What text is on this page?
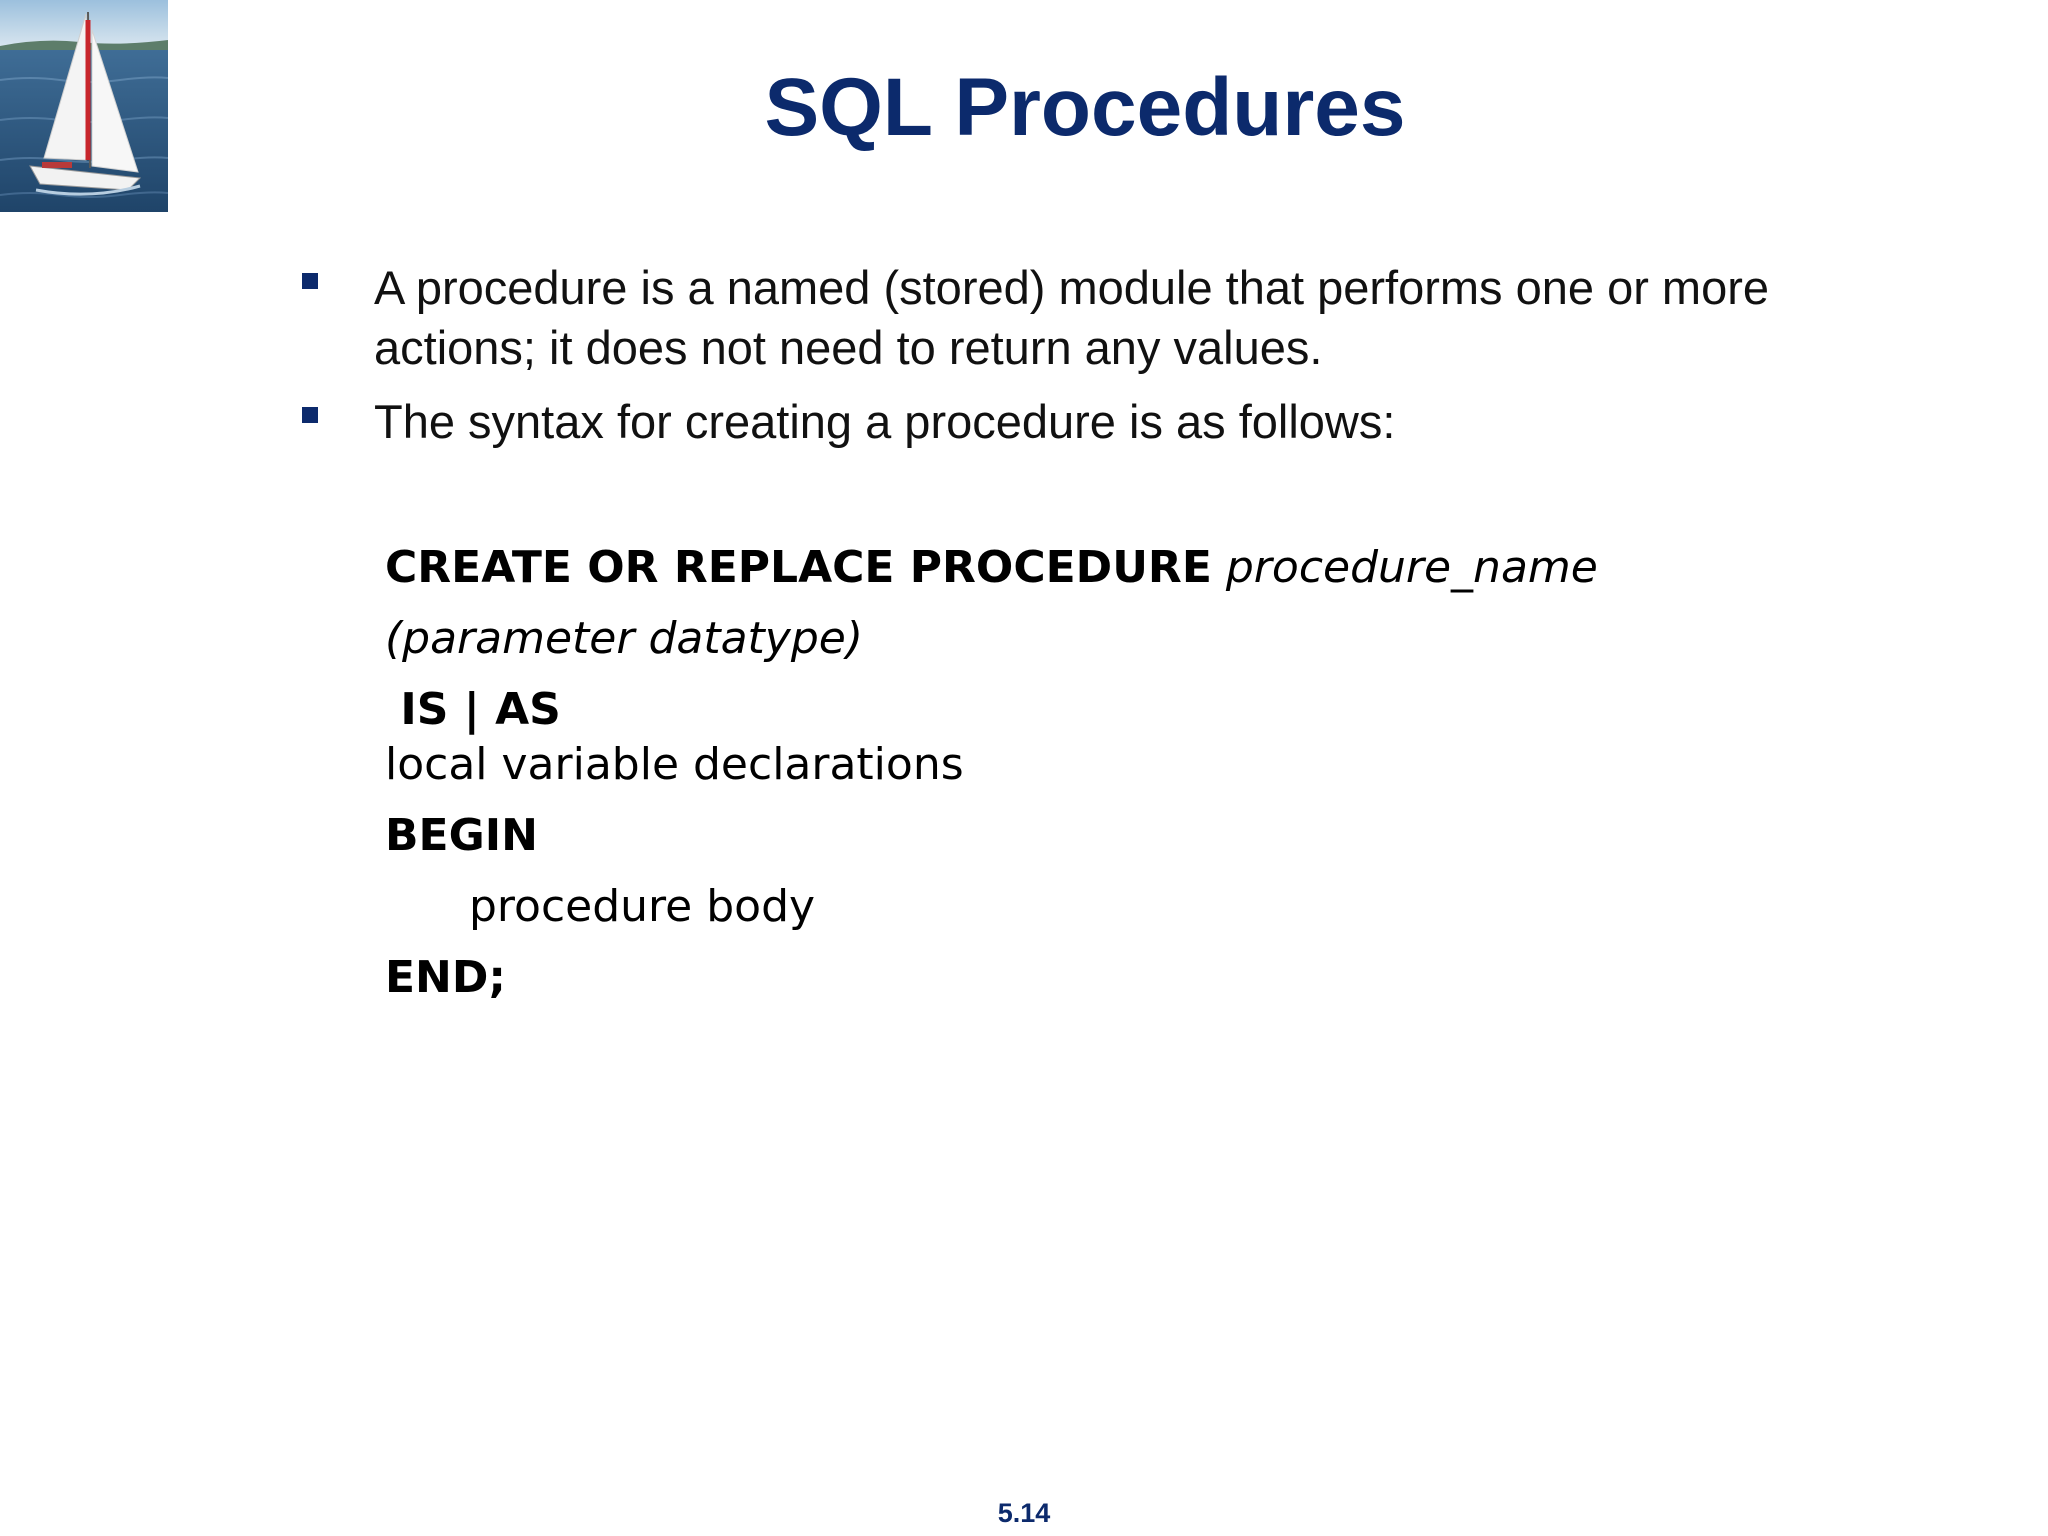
SQL Procedures
A procedure is a named (stored) module that performs one or more actions; it does not need to return any values.
The syntax for creating a procedure is as follows:
CREATE OR REPLACE PROCEDURE procedure_name
(parameter datatype)
IS | AS
local variable declarations
BEGIN
procedure body
END;
5.14
